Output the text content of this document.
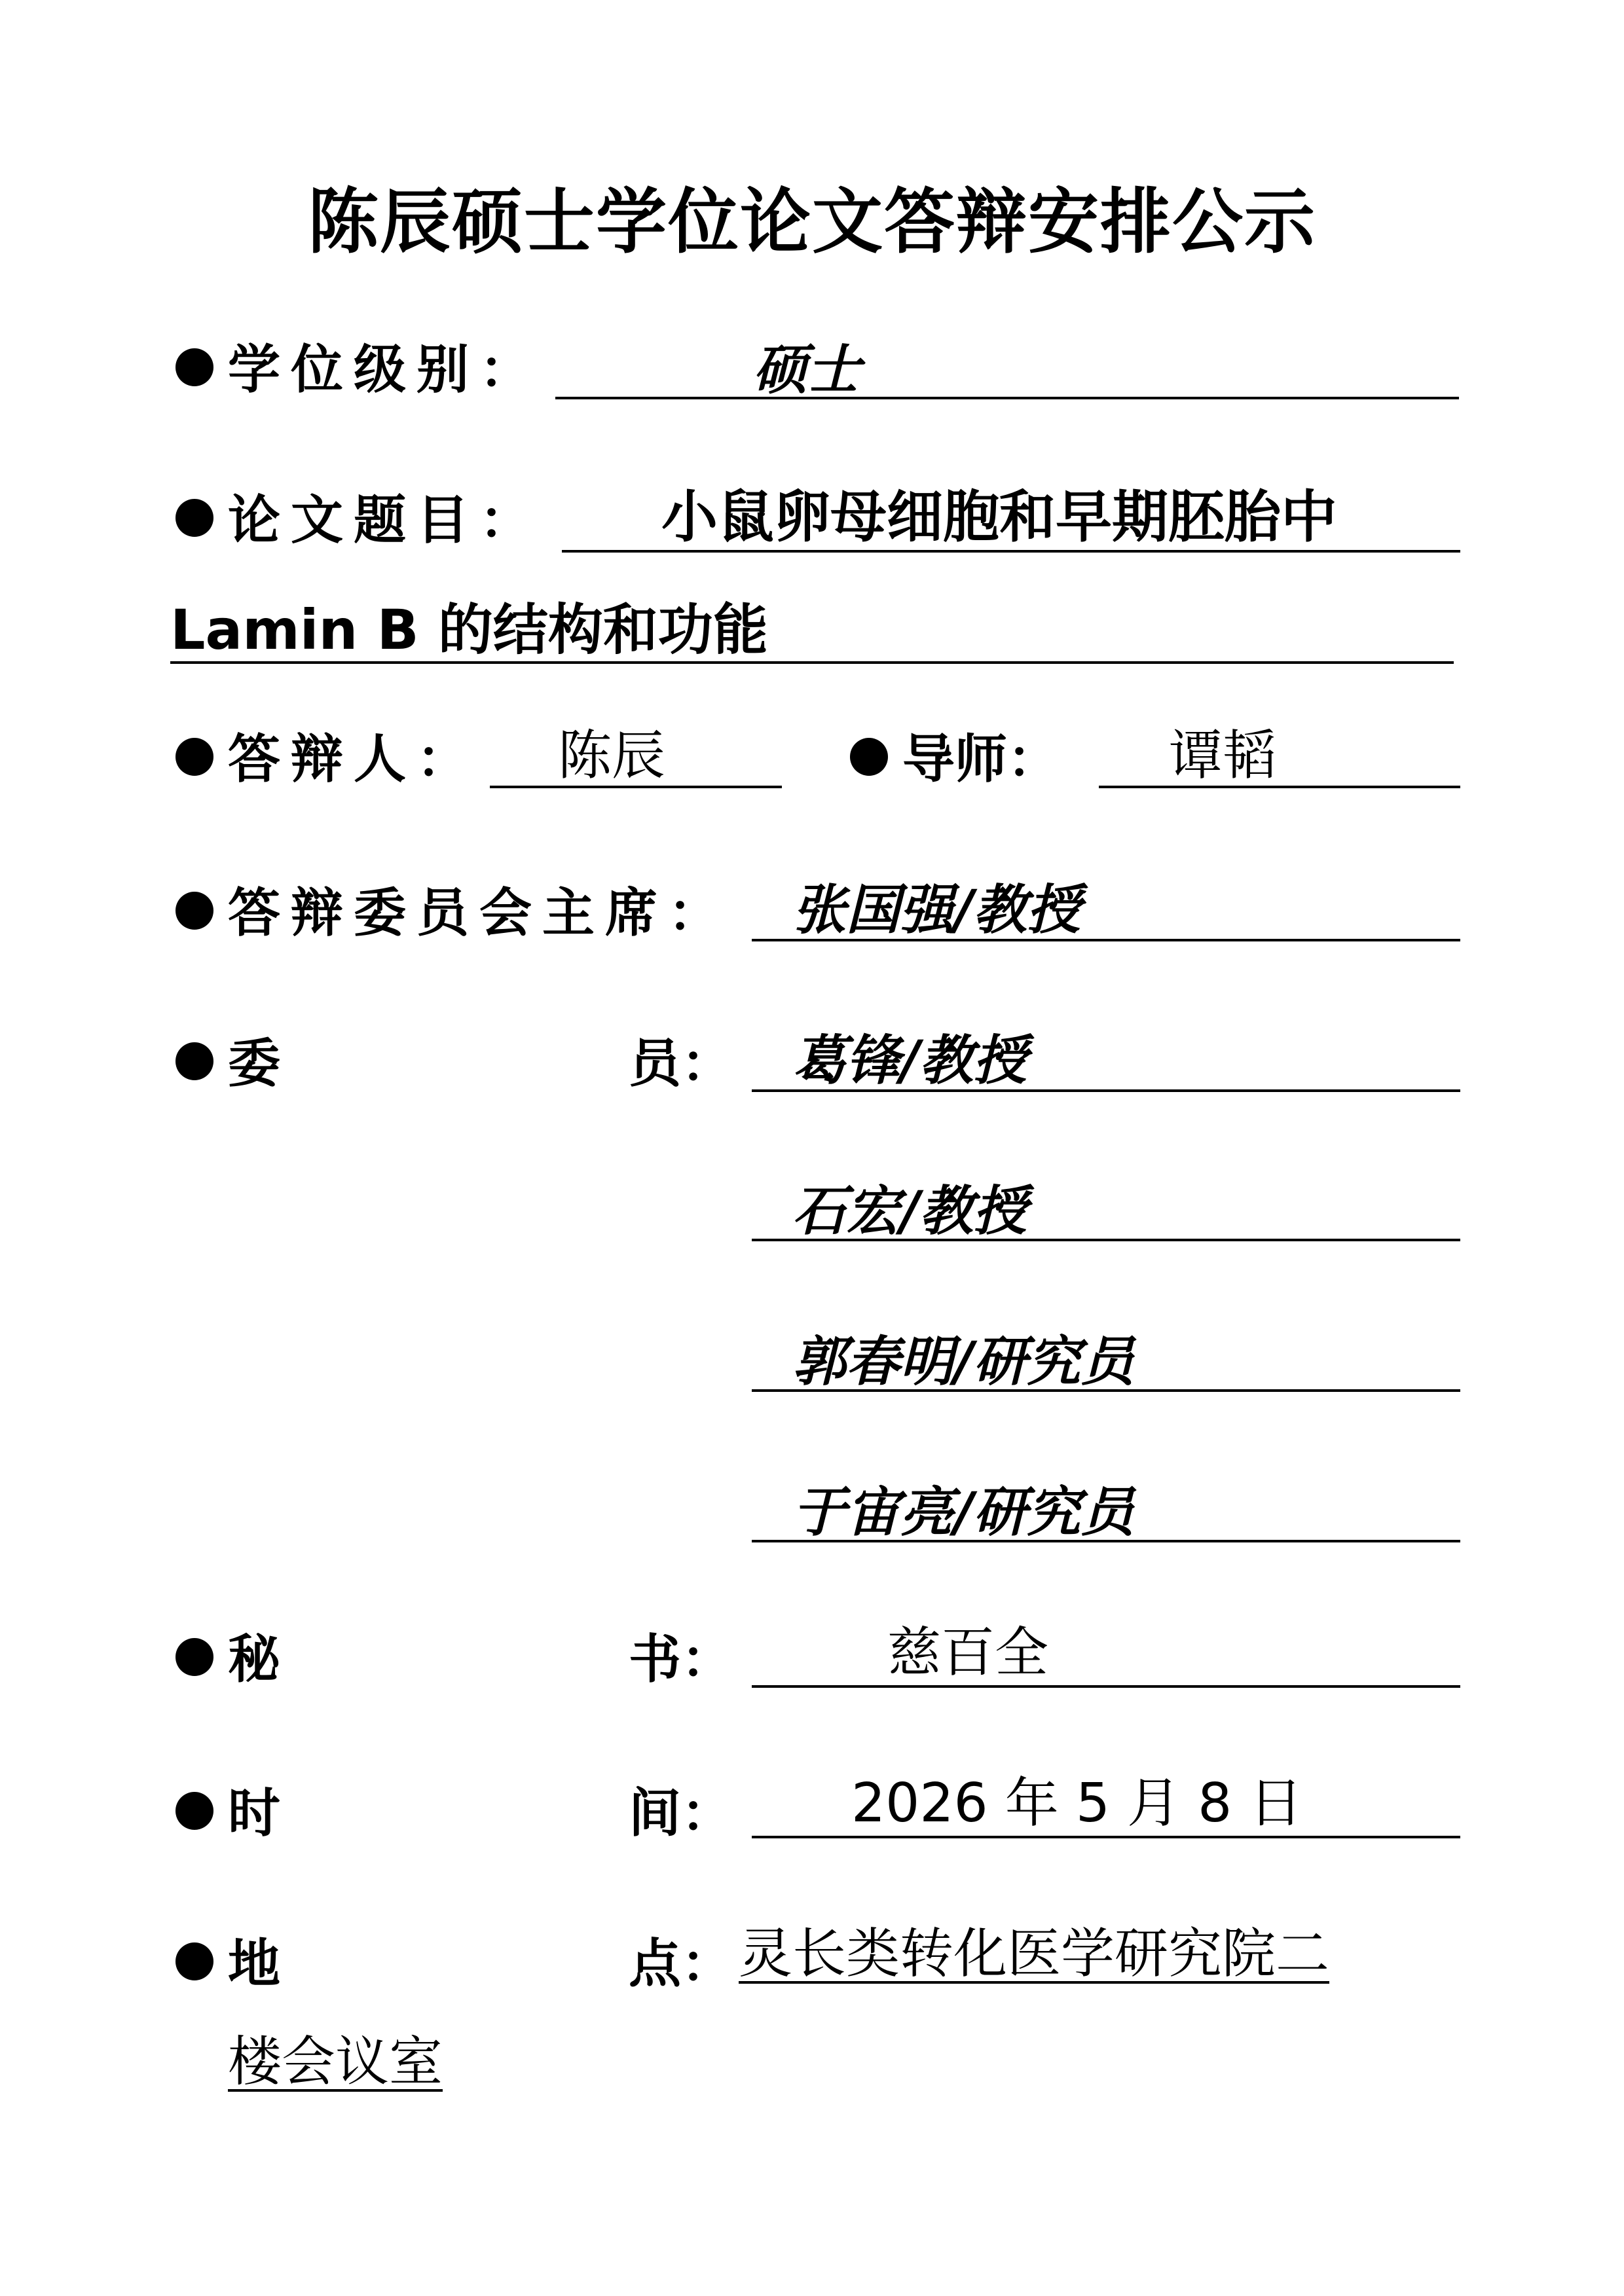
陈辰硕士学位论文答辩安排公示
学位级别：	硕士
论文题目： 小鼠卵母细胞和早期胚胎中
Lamin B 的结构和功能
答辩人： 陈辰	导师： 谭韬
答辩委员会主席： 张国强/教授
委	员： 葛锋/教授
石宏/教授
郭春明/研究员
于宙亮/研究员
秘	书：	慈百全
时	间： 2026 年 5 月 8 日
地	点： 灵长类转化医学研究院二
楼会议室
